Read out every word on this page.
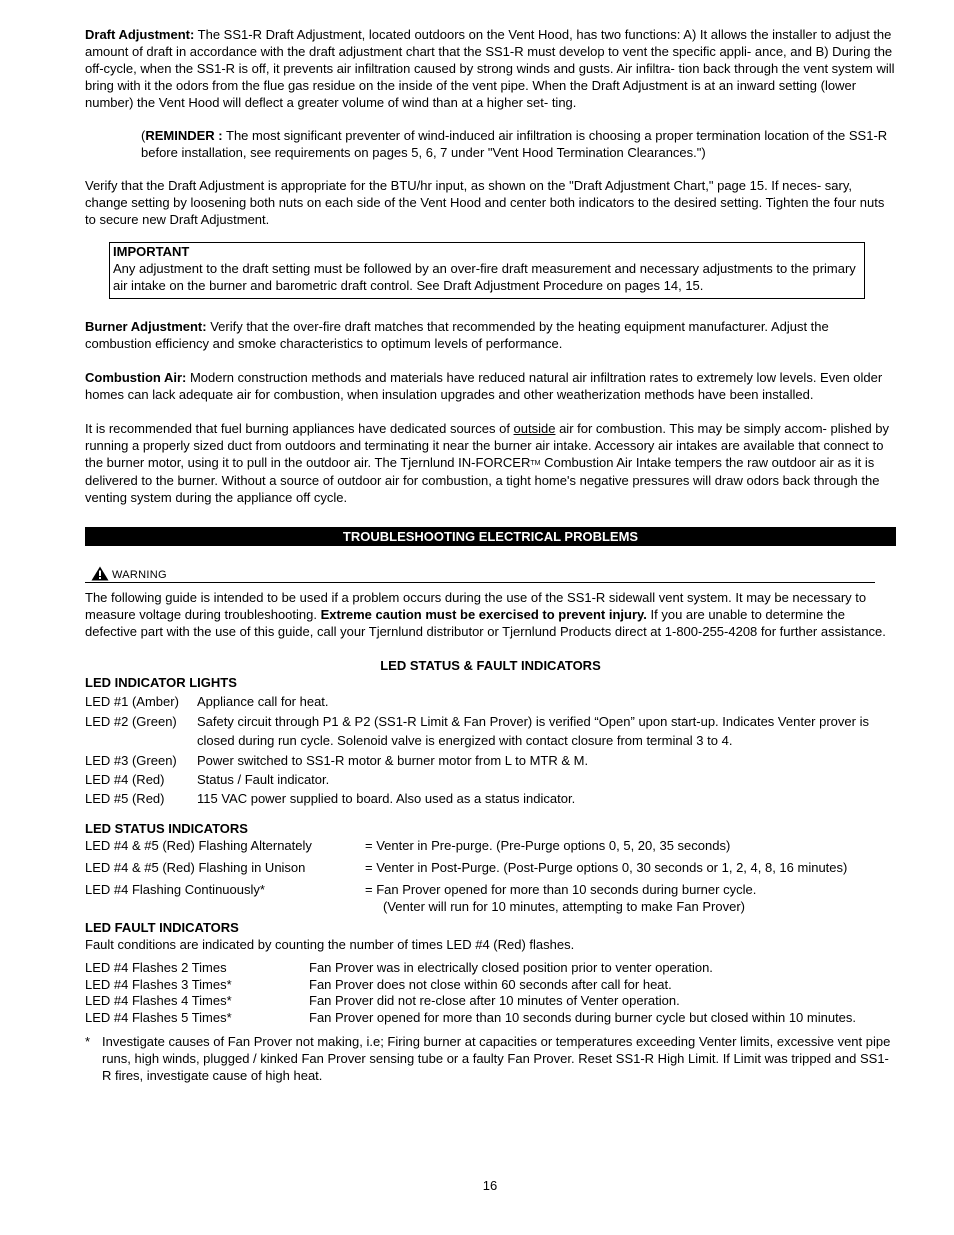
Draft Adjustment: The SS1-R Draft Adjustment, located outdoors on the Vent Hood, has two functions: A) It allows the installer to adjust the amount of draft in accordance with the draft adjustment chart that the SS1-R must develop to vent the specific appli- ance, and B) During the off-cycle, when the SS1-R is off, it prevents air infiltration caused by strong winds and gusts. Air infiltra- tion back through the vent system will bring with it the odors from the flue gas residue on the inside of the vent pipe. When the Draft Adjustment is at an inward setting (lower number) the Vent Hood will deflect a greater volume of wind than at a higher set- ting.

(REMINDER : The most significant preventer of wind-induced air infiltration is choosing a proper termination location of the SS1-R before installation, see requirements on pages 5, 6, 7 under "Vent Hood Termination Clearances.")

Verify that the Draft Adjustment is appropriate for the BTU/hr input, as shown on the "Draft Adjustment Chart," page 15. If neces- sary, change setting by loosening both nuts on each side of the Vent Hood and center both indicators to the desired setting. Tighten the four nuts to secure new Draft Adjustment.

IMPORTANT
Any adjustment to the draft setting must be followed by an over-fire draft measurement and necessary adjustments to the primary air intake on the burner and barometric draft control. See Draft Adjustment Procedure on pages 14, 15.

Burner Adjustment: Verify that the over-fire draft matches that recommended by the heating equipment manufacturer. Adjust the combustion efficiency and smoke characteristics to optimum levels of performance.

Combustion Air: Modern construction methods and materials have reduced natural air infiltration rates to extremely low levels. Even older homes can lack adequate air for combustion, when insulation upgrades and other weatherization methods have been installed.

It is recommended that fuel burning appliances have dedicated sources of outside air for combustion. This may be simply accom- plished by running a properly sized duct from outdoors and terminating it near the burner air intake. Accessory air intakes are available that connect to the burner motor, using it to pull in the outdoor air. The Tjernlund IN-FORCER™ Combustion Air Intake tempers the raw outdoor air as it is delivered to the burner. Without a source of outdoor air for combustion, a tight home's negative pressures will draw odors back through the venting system during the appliance off cycle.

TROUBLESHOOTING ELECTRICAL PROBLEMS
WARNING

The following guide is intended to be used if a problem occurs during the use of the SS1-R sidewall vent system. It may be necessary to measure voltage during troubleshooting. Extreme caution must be exercised to prevent injury. If you are unable to determine the defective part with the use of this guide, call your Tjernlund distributor or Tjernlund Products direct at 1-800-255-4208 for further assistance.

LED STATUS & FAULT INDICATORS
LED INDICATOR LIGHTS
LED #1 (Amber)	Appliance call for heat.
LED #2 (Green)	Safety circuit through P1 & P2 (SS1-R Limit & Fan Prover) is verified “Open” upon start-up. Indicates Venter prover is closed during run cycle. Solenoid valve is energized with contact closure from terminal 3 to 4.
LED #3 (Green)	Power switched to SS1-R motor & burner motor from L to MTR & M.
LED #4 (Red)	Status / Fault indicator.
LED #5 (Red)	115 VAC power supplied to board. Also used as a status indicator.
LED STATUS INDICATORS
LED #4 & #5 (Red) Flashing Alternately	= Venter in Pre-purge. (Pre-Purge options 0, 5, 20, 35 seconds)
LED #4 & #5 (Red) Flashing in Unison	= Venter in Post-Purge. (Post-Purge options 0, 30 seconds or 1, 2, 4, 8, 16 minutes)
LED #4 Flashing Continuously*	= Fan Prover opened for more than 10 seconds during burner cycle.
(Venter will run for 10 minutes, attempting to make Fan Prover)
LED FAULT INDICATORS
Fault conditions are indicated by counting the number of times LED #4 (Red) flashes.
LED #4 Flashes 2 Times	Fan Prover was in electrically closed position prior to venter operation.
LED #4 Flashes 3 Times*	Fan Prover does not close within 60 seconds after call for heat.
LED #4 Flashes 4 Times*	Fan Prover did not re-close after 10 minutes of Venter operation.
LED #4 Flashes 5 Times*	Fan Prover opened for more than 10 seconds during burner cycle but closed within 10 minutes.
* Investigate causes of Fan Prover not making, i.e; Firing burner at capacities or temperatures exceeding Venter limits, excessive vent pipe runs, high winds, plugged / kinked Fan Prover sensing tube or a faulty Fan Prover. Reset SS1-R High Limit. If Limit was tripped and SS1-R fires, investigate cause of high heat.
16
